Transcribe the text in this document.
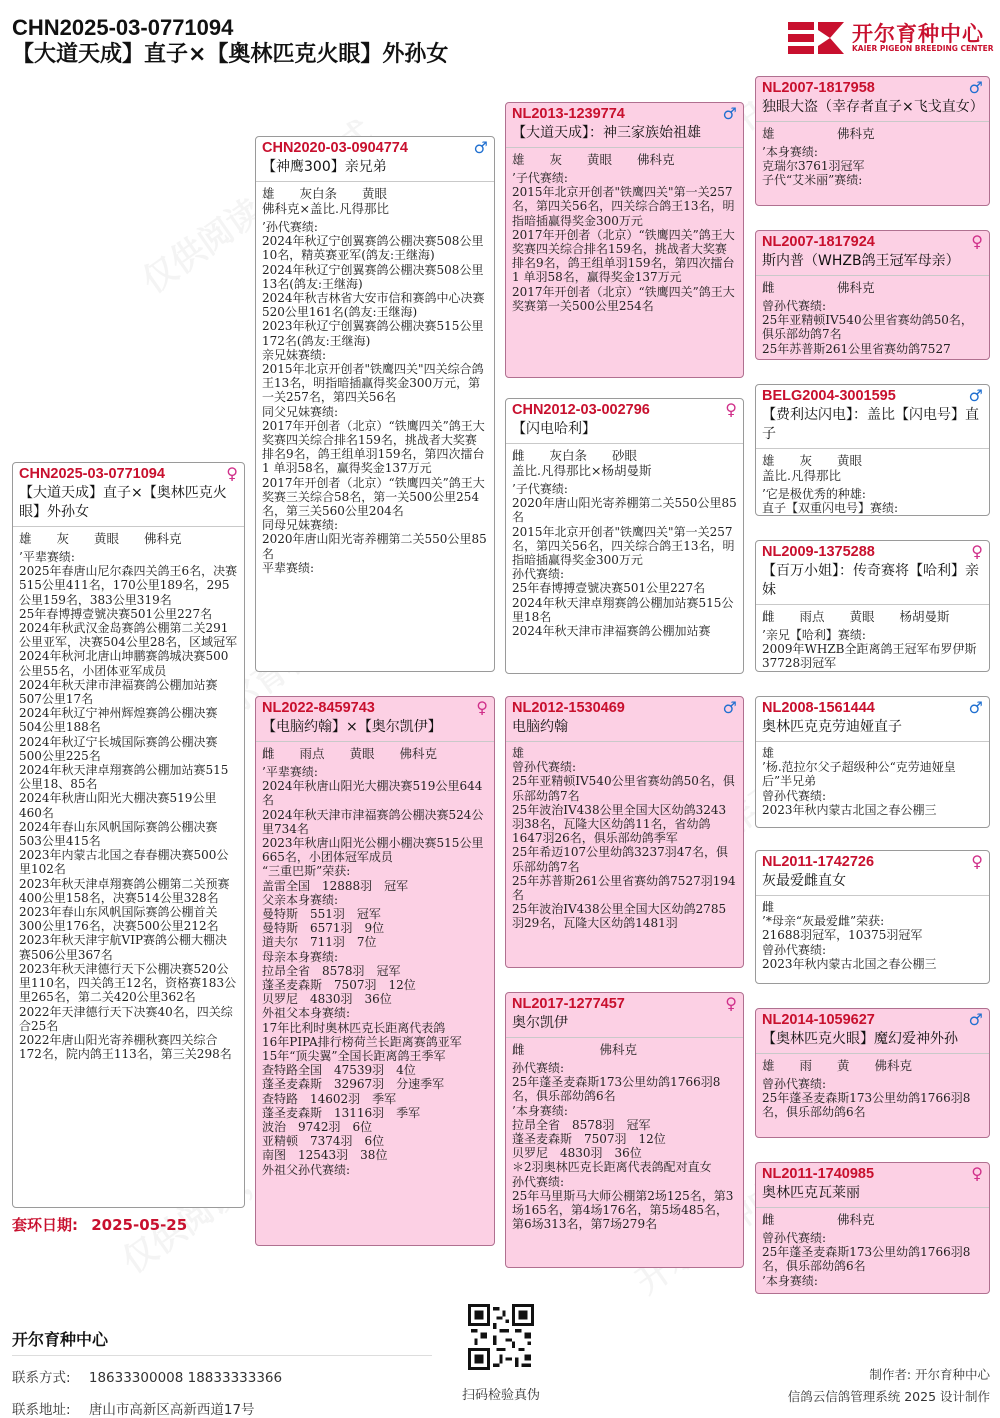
CHN2025-03-0771094
【大道天成】直子×【奥林匹克火眼】外孙女
开尔育种中心
KAIER PIGEON BREEDING CENTER
CHN2025-03-0771094	♀
【大道天成】直子×【奥林匹克火眼】外孙女
雄　　灰　　黄眼　　佛科克
’平辈赛绩:
2025年春唐山尼尔森四关鸽王6名，决赛515公里411名，170公里189名，295公里159名，383公里319名
25年春博搏壹號决赛501公里227名
2024年秋武汉金岛赛鸽公棚第二关291公里亚军，决赛504公里28名，区域冠军
2024年秋河北唐山坤鹏赛鸽城决赛500公里55名，小团体亚军成员
2024年秋天津市津福赛鸽公棚加站赛507公里17名
2024年秋辽宁神州辉煌赛鸽公棚决赛504公里188名
2024年秋辽宁长城国际赛鸽公棚决赛500公里225名
2024年秋天津卓翔赛鸽公棚加站赛515公里18、85名
2024年秋唐山阳光大棚决赛519公里460名
2024年春山东风帆国际赛鸽公棚决赛503公里415名
2023年内蒙古北国之春春棚决赛500公里102名
2023年秋天津卓翔赛鸽公棚第二关预赛400公里158名，决赛514公里328名
2023年春山东风帆国际赛鸽公棚首关300公里176名，决赛500公里212名
2023年秋天津宇航VIP赛鸽公棚大棚决赛506公里367名
2023年秋天津德行天下公棚决赛520公里110名，四关鸽王12名，资格赛183公里265名，第二关420公里362名
2022年天津德行天下决赛40名，四关综合25名
2022年唐山阳光寄养棚秋赛四关综合172名，院内鸽王113名，第三关298名
CHN2020-03-0904774	♂
【神鹰300】亲兄弟
雄　　灰白条　　黄眼
佛科克×盖比.凡得那比
’孙代赛绩:
2024年秋辽宁创翼赛鸽公棚决赛508公里10名，精英赛亚军(鸽友:王继海)
2024年秋辽宁创翼赛鸽公棚决赛508公里13名(鸽友:王继海)
2024年秋吉林省大安市信和赛鸽中心决赛520公里161名(鸽友:王继海)
2023年秋辽宁创翼赛鸽公棚决赛515公里172名(鸽友:王继海)
亲兄妹赛绩:
2015年北京开创者"铁鹰四关"四关综合鸽王13名，明指暗插赢得奖金300万元，第一关257名，第四关56名
同父兄妹赛绩:
2017年开创者（北京）“铁鹰四关”鸽王大奖赛四关综合排名159名，挑战者大奖赛排名9名，鸽王组单羽159名，第四次擂台1 单羽58名，赢得奖金137万元
2017年开创者（北京）“铁鹰四关”鸽王大奖赛三关综合58名，第一关500公里254名，第三关560公里204名
同母兄妹赛绩:
2020年唐山阳光寄养棚第二关550公里85名
平辈赛绩:
NL2022-8459743	♀
【电脑约翰】×【奥尔凯伊】
雌　　雨点　　黄眼　　佛科克
’平辈赛绩:
2024年秋唐山阳光大棚决赛519公里644名
2024年秋天津市津福赛鸽公棚决赛524公里734名
2023年秋唐山阳光公棚小棚决赛515公里665名，小团体冠军成员
“三重巴斯”荣获:
盖雷全国　12888羽　冠军
父亲本身赛绩:
曼特斯　551羽　冠军
曼特斯　6571羽　9位
道夫尔　711羽　7位
母亲本身赛绩:
拉昂全省　8578羽　冠军
蓬圣麦森斯　7507羽　12位
贝罗尼　4830羽　36位
外祖父本身赛绩:
17年比利时奥林匹克长距离代表鸽
16年PIPA排行榜荷兰长距离赛鸽亚军
15年“顶尖翼”全国长距离鸽王季军
查特路全国　47539羽　4位
蓬圣麦森斯　32967羽　分速季军
查特路　14602羽　季军
蓬圣麦森斯　13116羽　季军
波治　9742羽　6位
亚精顿　7374羽　6位
南图　12543羽　38位
外祖父孙代赛绩:
NL2013-1239774	♂
【大道天成】：神三家族始祖雄
雄　　灰　　黄眼　　佛科克
’子代赛绩:
2015年北京开创者"铁鹰四关"第一关257名，第四关56名，四关综合鸽王13名，明指暗插赢得奖金300万元
2017年开创者（北京）“铁鹰四关”鸽王大奖赛四关综合排名159名，挑战者大奖赛排名9名，鸽王组单羽159名，第四次擂台1 单羽58名，赢得奖金137万元
2017年开创者（北京）“铁鹰四关”鸽王大奖赛第一关500公里254名
CHN2012-03-002796	♀
【闪电哈利】
雌　　灰白条　　砂眼
盖比.凡得那比×杨胡曼斯
’子代赛绩:
2020年唐山阳光寄养棚第二关550公里85名
2015年北京开创者"铁鹰四关"第一关257名，第四关56名，四关综合鸽王13名，明指暗插赢得奖金300万元
孙代赛绩:
25年春博搏壹號决赛501公里227名
2024年秋天津卓翔赛鸽公棚加站赛515公里18名
2024年秋天津市津福赛鸽公棚加站赛
NL2012-1530469	♂
电脑约翰
雄
曾孙代赛绩:
25年亚精顿IV540公里省赛幼鸽50名，俱乐部幼鸽7名
25年波治IV438公里全国大区幼鸽3243羽38名，瓦隆大区幼鸽11名，省幼鸽1647羽26名，俱乐部幼鸽季军
25年希迈107公里幼鸽3237羽47名，俱乐部幼鸽7名
25年苏普斯261公里省赛幼鸽7527羽194名
25年波治IV438公里全国大区幼鸽2785羽29名，瓦隆大区幼鸽1481羽
NL2017-1277457	♀
奥尔凯伊
雌　　　　　　佛科克
孙代赛绩:
25年蓬圣麦森斯173公里幼鸽1766羽8名，俱乐部幼鸽6名
’本身赛绩:
拉昂全省　8578羽　冠军
蓬圣麦森斯　7507羽　12位
贝罗尼　4830羽　36位
＊2羽奥林匹克长距离代表鸽配对直女
孙代赛绩:
25年马里斯马大师公棚第2场125名，第3场165名，第4场176名，第5场485名，第6场313名，第7场279名
NL2007-1817958	♂
独眼大盗（幸存者直子×飞戈直女）
雄　　　　　佛科克
’本身赛绩:
克瑞尔3761羽冠军
子代“艾米丽”赛绩:
NL2007-1817924	♀
斯内普（WHZB鸽王冠军母亲）
雌　　　　　佛科克
曾孙代赛绩:
25年亚精顿IV540公里省赛幼鸽50名，俱乐部幼鸽7名
25年苏普斯261公里省赛幼鸽7527
BELG2004-3001595	♂
【费利达闪电】：盖比【闪电号】直子
雄　　灰　　黄眼
盖比.凡得那比
’它是极优秀的种雄:
直子【双重闪电号】赛绩:
NL2009-1375288	♀
【百万小姐】：传奇赛将【哈利】亲妹
雌　　雨点　　黄眼　　杨胡曼斯
’亲兄【哈利】赛绩:
2009年WHZB全距离鸽王冠军布罗伊斯37728羽冠军
NL2008-1561444	♂
奥林匹克克劳迪娅直子
雄
’杨.范拉尔父子超级种公“克劳迪娅皇后”半兄弟
曾孙代赛绩:
2023年秋内蒙古北国之春公棚三
NL2011-1742726	♀
灰最爱雌直女
雌
’*母亲“灰最爱雌”荣获:
21688羽冠军，10375羽冠军
曾孙代赛绩:
2023年秋内蒙古北国之春公棚三
NL2014-1059627	♂
【奥林匹克火眼】魔幻爱神外孙
雄　　雨　　黄　　佛科克
曾孙代赛绩:
25年蓬圣麦森斯173公里幼鸽1766羽8名，俱乐部幼鸽6名
NL2011-1740985	♀
奥林匹克瓦莱丽
雌　　　　　佛科克
曾孙代赛绩:
25年蓬圣麦森斯173公里幼鸽1766羽8名，俱乐部幼鸽6名
’本身赛绩:
套环日期: 2025-05-25
开尔育种中心
联系方式: 18633300008 18833333366
联系地址: 唐山市高新区高新西道17号
扫码检验真伪
制作者: 开尔育种中心
信鸽云信鸽管理系统 2025 设计制作
